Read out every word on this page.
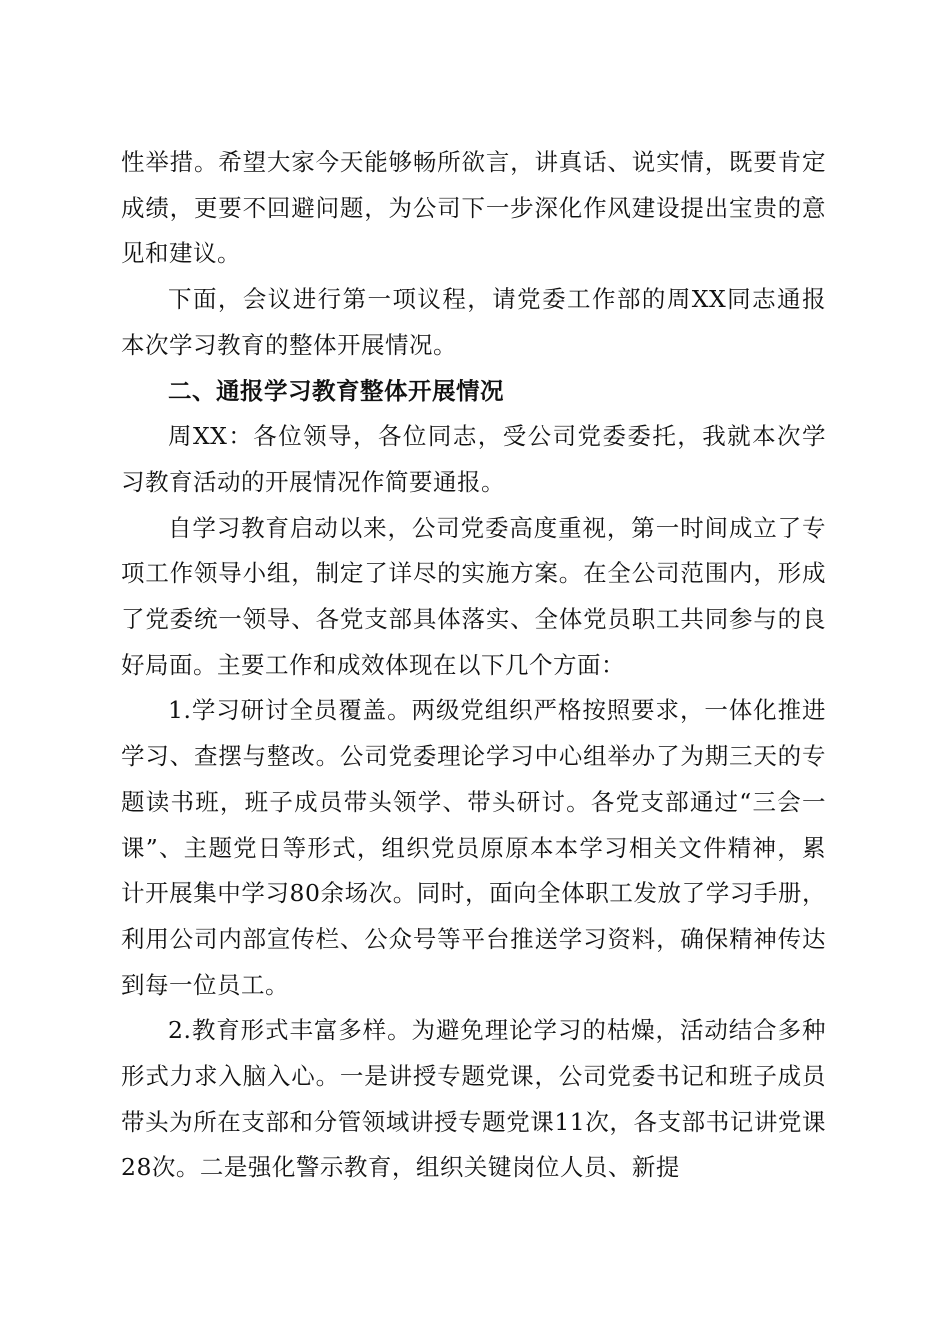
性举措。希望大家今天能够畅所欲言，讲真话、说实情，既要肯定成绩，更要不回避问题，为公司下一步深化作风建设提出宝贵的意见和建议。

下面，会议进行第一项议程，请党委工作部的周XX同志通报本次学习教育的整体开展情况。

二、通报学习教育整体开展情况

周XX：各位领导，各位同志，受公司党委委托，我就本次学习教育活动的开展情况作简要通报。

自学习教育启动以来，公司党委高度重视，第一时间成立了专项工作领导小组，制定了详尽的实施方案。在全公司范围内，形成了党委统一领导、各党支部具体落实、全体党员职工共同参与的良好局面。主要工作和成效体现在以下几个方面：

1.学习研讨全员覆盖。两级党组织严格按照要求，一体化推进学习、查摆与整改。公司党委理论学习中心组举办了为期三天的专题读书班，班子成员带头领学、带头研讨。各党支部通过“三会一课”、主题党日等形式，组织党员原原本本学习相关文件精神，累计开展集中学习80余场次。同时，面向全体职工发放了学习手册，利用公司内部宣传栏、公众号等平台推送学习资料，确保精神传达到每一位员工。

2.教育形式丰富多样。为避免理论学习的枯燥，活动结合多种形式力求入脑入心。一是讲授专题党课，公司党委书记和班子成员带头为所在支部和分管领域讲授专题党课11次，各支部书记讲党课28次。二是强化警示教育，组织关键岗位人员、新提
